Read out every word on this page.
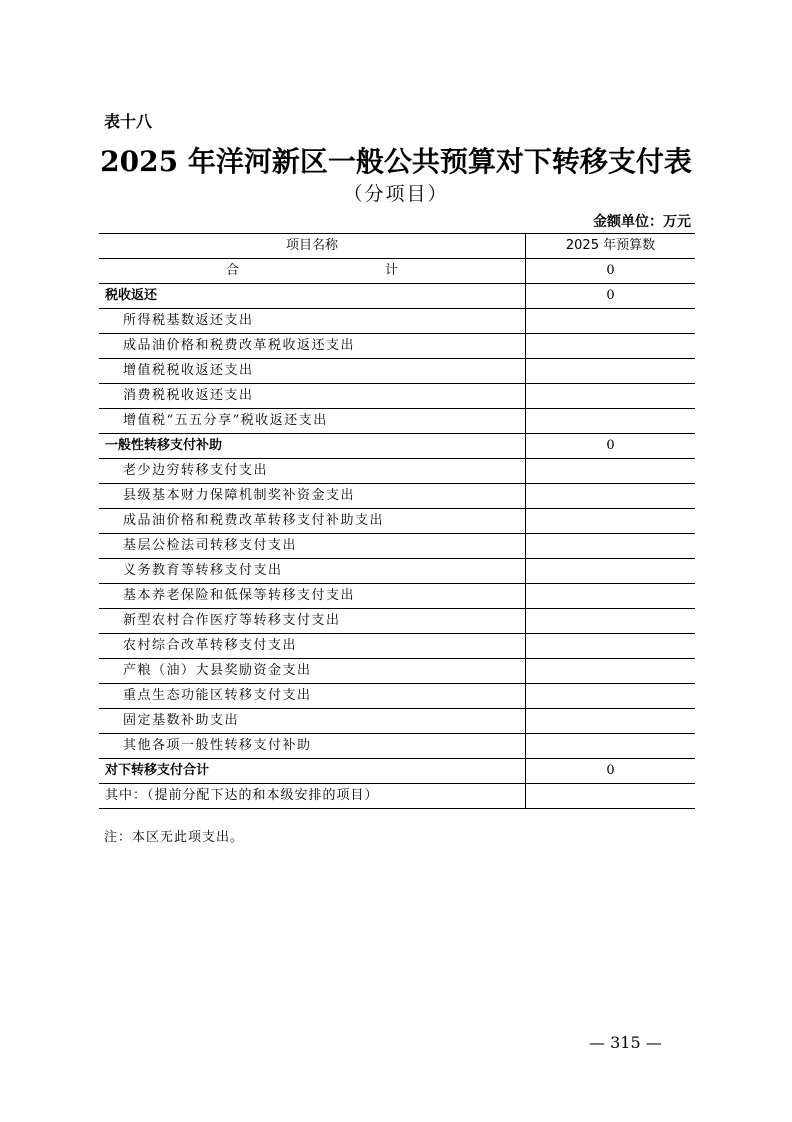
表十八
2025 年洋河新区一般公共预算对下转移支付表
（分项目）
金额单位：万元
项目名称	2025 年预算数
合　　计	0
税收返还	0
所得税基数返还支出	
成品油价格和税费改革税收返还支出	
增值税税收返还支出	
消费税税收返还支出	
增值税“五五分享”税收返还支出	
一般性转移支付补助	0
老少边穷转移支付支出	
县级基本财力保障机制奖补资金支出	
成品油价格和税费改革转移支付补助支出	
基层公检法司转移支付支出	
义务教育等转移支付支出	
基本养老保险和低保等转移支付支出	
新型农村合作医疗等转移支付支出	
农村综合改革转移支付支出	
产粮（油）大县奖励资金支出	
重点生态功能区转移支付支出	
固定基数补助支出	
其他各项一般性转移支付补助	
对下转移支付合计	0
其中：（提前分配下达的和本级安排的项目）	
注：本区无此项支出。
— 315 —
